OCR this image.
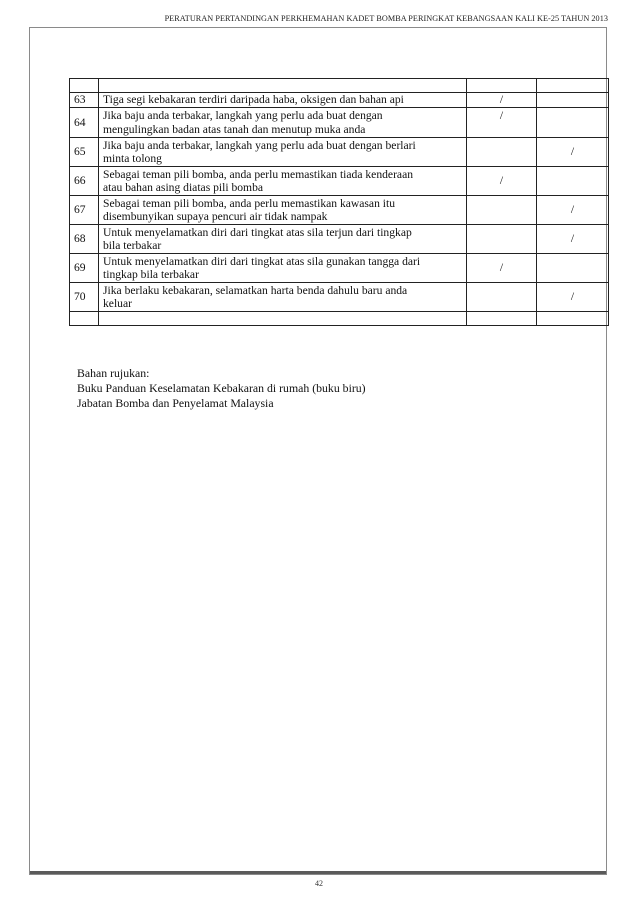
PERATURAN PERTANDINGAN PERKHEMAHAN KADET BOMBA PERINGKAT KEBANGSAAN KALI KE-25 TAHUN 2013

63	Tiga segi kebakaran terdiri daripada haba, oksigen dan bahan api	/	
64	Jika baju anda terbakar, langkah yang perlu ada buat dengan
mengulingkan badan atas tanah dan menutup muka anda	/	
65	Jika baju anda terbakar, langkah yang perlu ada buat dengan berlari
minta tolong		/
66	Sebagai teman pili bomba, anda perlu memastikan tiada kenderaan
atau bahan asing diatas pili bomba	/	
67	Sebagai teman pili bomba, anda perlu memastikan kawasan itu
disembunyikan supaya pencuri air tidak nampak		/
68	Untuk menyelamatkan diri dari tingkat atas sila terjun dari tingkap
bila terbakar		/
69	Untuk menyelamatkan diri dari tingkat atas sila gunakan tangga dari
tingkap bila terbakar	/	
70	Jika berlaku kebakaran, selamatkan harta benda dahulu baru anda
keluar		/

Bahan rujukan:
Buku Panduan Keselamatan Kebakaran di rumah (buku biru)
Jabatan Bomba dan Penyelamat Malaysia
42
